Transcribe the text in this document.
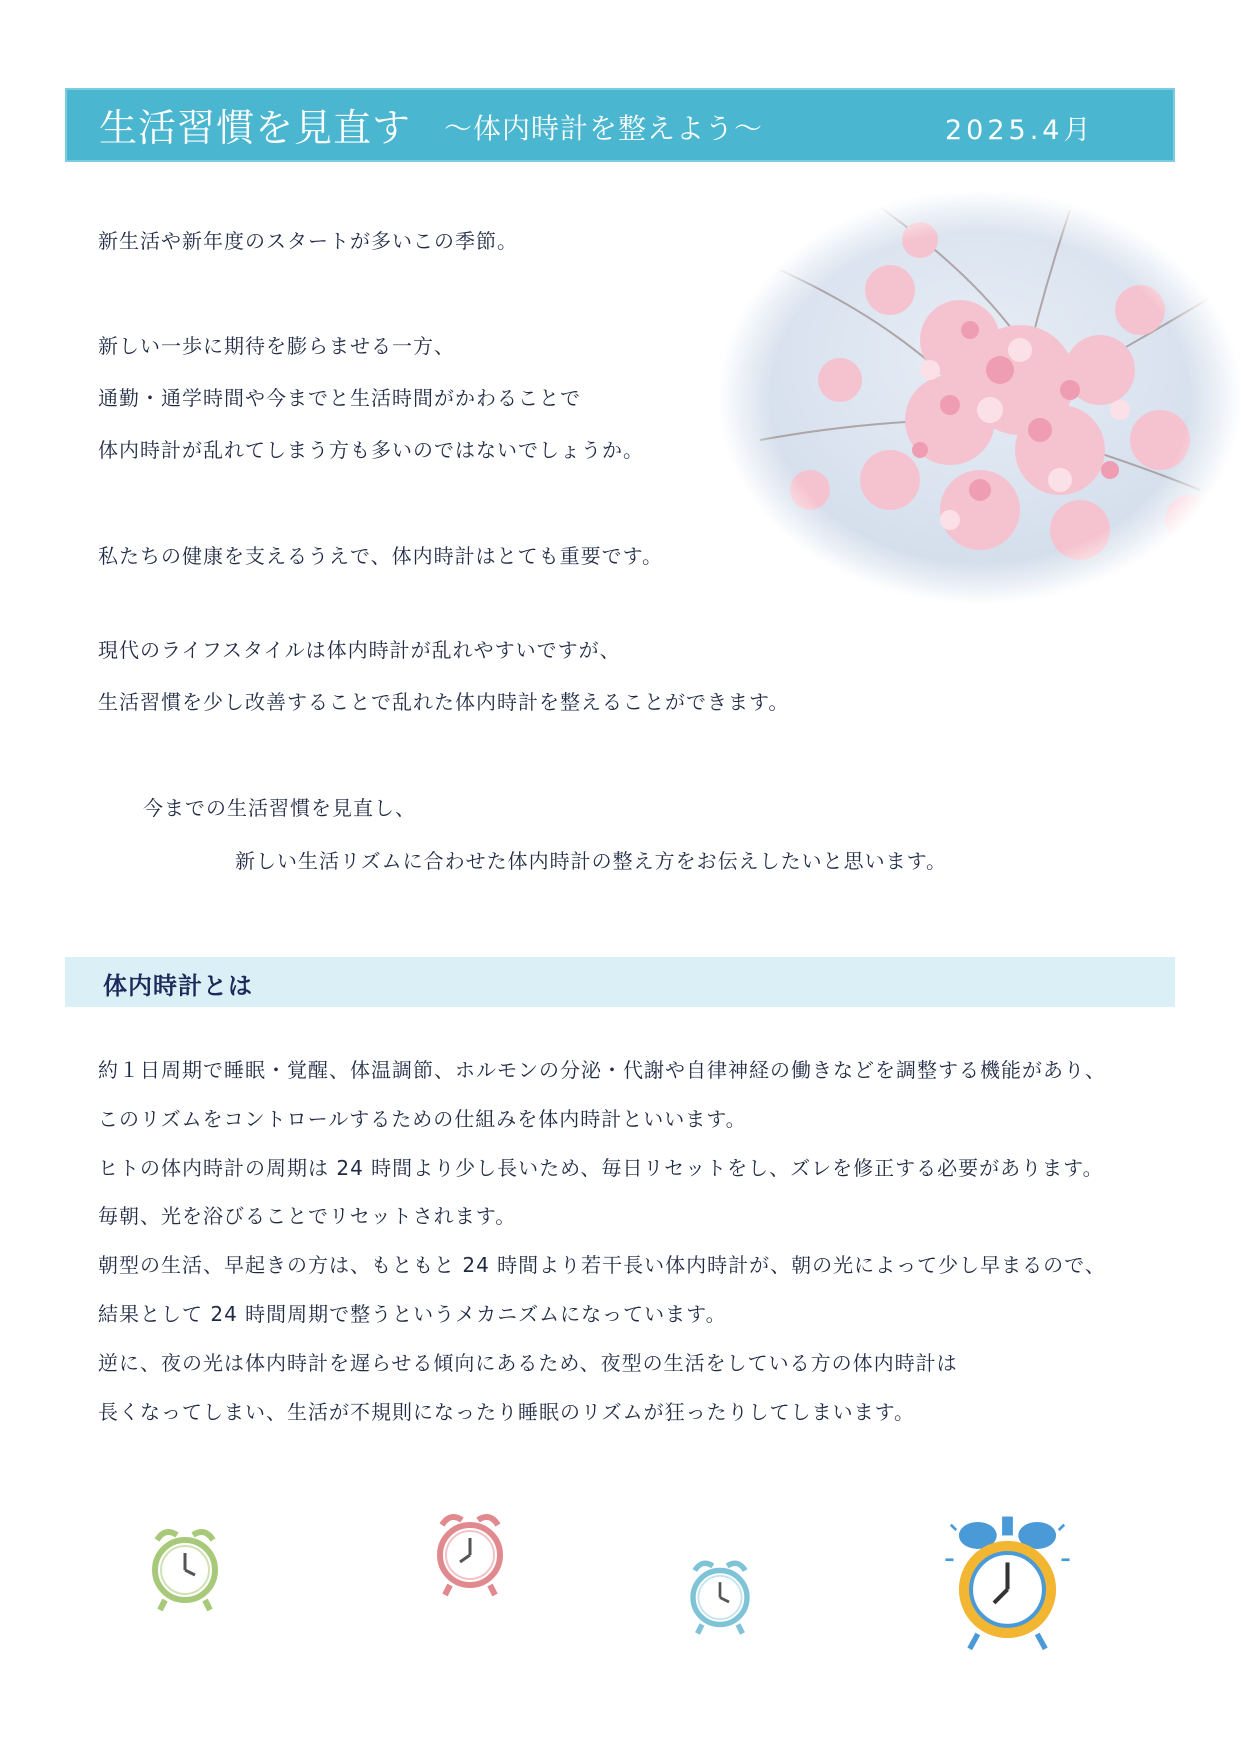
生活習慣を見直す ～体内時計を整えよう～	2025.4月
新生活や新年度のスタートが多いこの季節。
新しい一歩に期待を膨らませる一方、
通勤・通学時間や今までと生活時間がかわることで
体内時計が乱れてしまう方も多いのではないでしょうか。
私たちの健康を支えるうえで、体内時計はとても重要です。
現代のライフスタイルは体内時計が乱れやすいですが、
生活習慣を少し改善することで乱れた体内時計を整えることができます。
今までの生活習慣を見直し、
新しい生活リズムに合わせた体内時計の整え方をお伝えしたいと思います。
体内時計とは
約１日周期で睡眠・覚醒、体温調節、ホルモンの分泌・代謝や自律神経の働きなどを調整する機能があり、
このリズムをコントロールするための仕組みを体内時計といいます。
ヒトの体内時計の周期は 24 時間より少し長いため、毎日リセットをし、ズレを修正する必要があります。
毎朝、光を浴びることでリセットされます。
朝型の生活、早起きの方は、もともと 24 時間より若干長い体内時計が、朝の光によって少し早まるので、
結果として 24 時間周期で整うというメカニズムになっています。
逆に、夜の光は体内時計を遅らせる傾向にあるため、夜型の生活をしている方の体内時計は
長くなってしまい、生活が不規則になったり睡眠のリズムが狂ったりしてしまいます。
